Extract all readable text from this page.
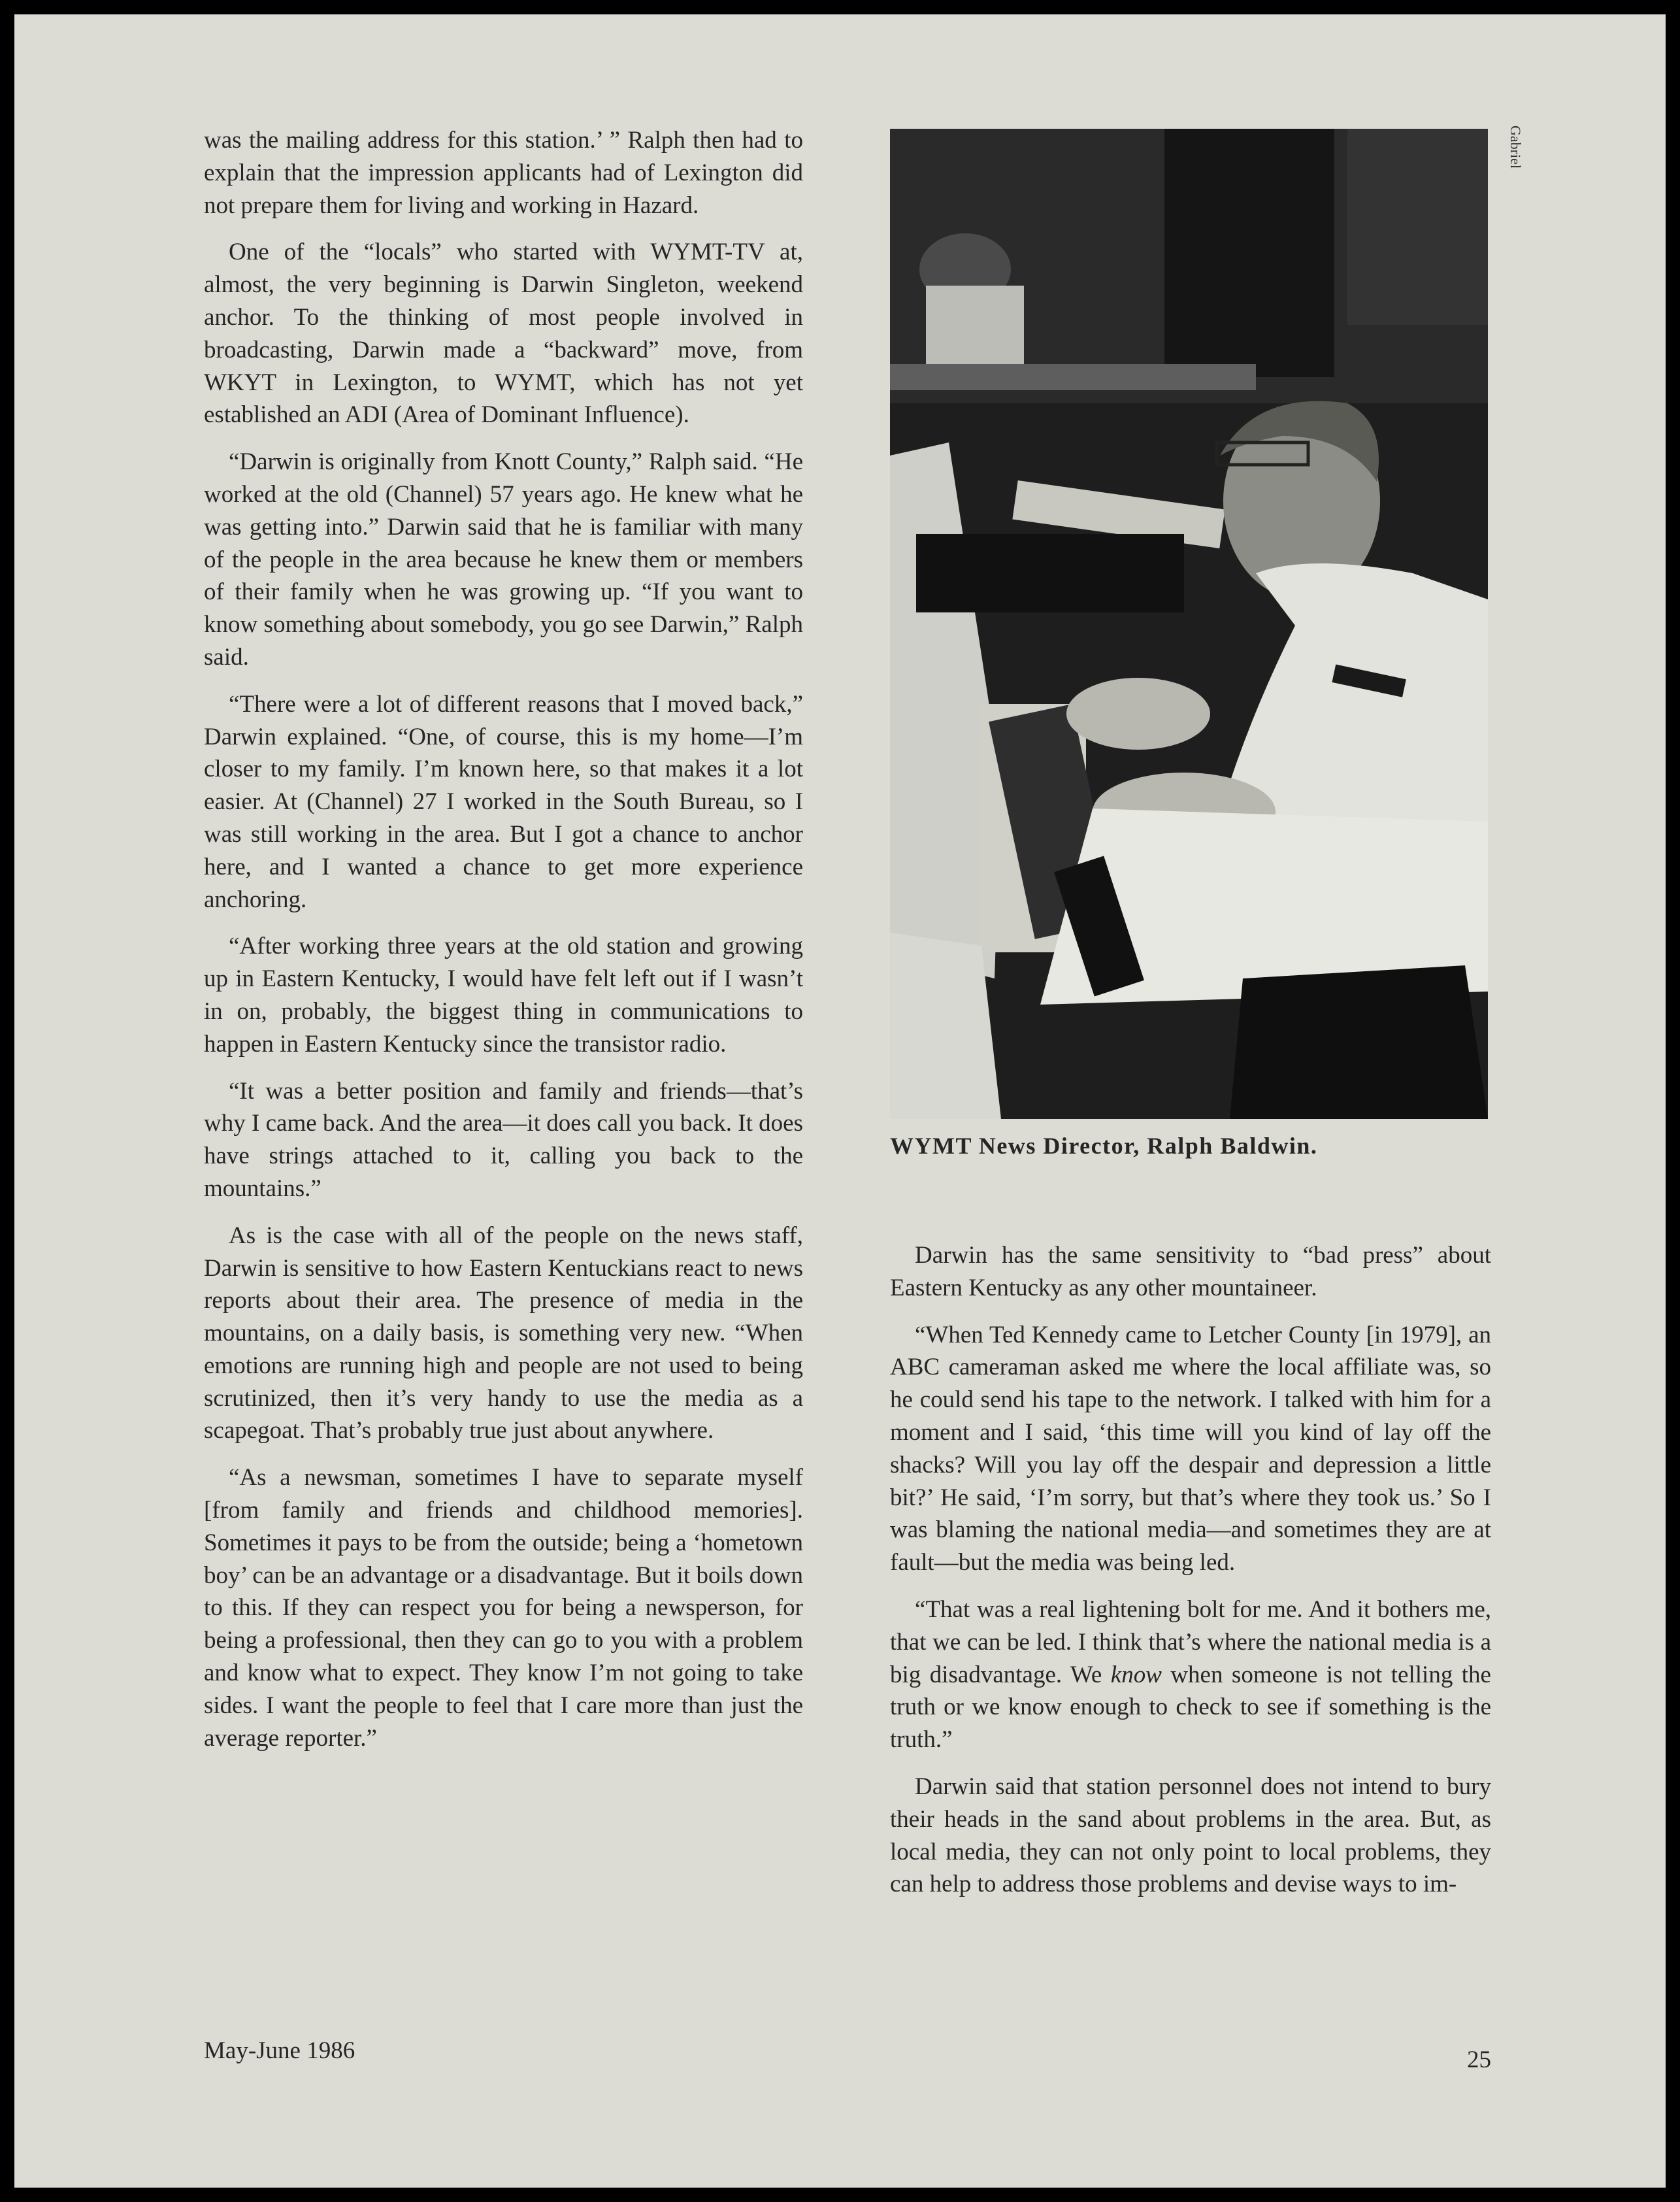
was the mailing address for this station.’ ” Ralph then had to explain that the impression applicants had of Lexington did not prepare them for living and working in Hazard.

One of the “locals” who started with WYMT-TV at, almost, the very beginning is Darwin Singleton, weekend anchor. To the thinking of most people involved in broadcasting, Darwin made a “backward” move, from WKYT in Lexington, to WYMT, which has not yet established an ADI (Area of Dominant Influence).

“Darwin is originally from Knott County,” Ralph said. “He worked at the old (Channel) 57 years ago. He knew what he was getting into.” Darwin said that he is familiar with many of the people in the area because he knew them or members of their family when he was growing up. “If you want to know something about somebody, you go see Darwin,” Ralph said.

“There were a lot of different reasons that I moved back,” Darwin explained. “One, of course, this is my home—I’m closer to my family. I’m known here, so that makes it a lot easier. At (Channel) 27 I worked in the South Bureau, so I was still working in the area. But I got a chance to anchor here, and I wanted a chance to get more experience anchoring.

“After working three years at the old station and growing up in Eastern Kentucky, I would have felt left out if I wasn’t in on, probably, the biggest thing in communications to happen in Eastern Kentucky since the transistor radio.

“It was a better position and family and friends—that’s why I came back. And the area—it does call you back. It does have strings attached to it, calling you back to the mountains.”

As is the case with all of the people on the news staff, Darwin is sensitive to how Eastern Kentuckians react to news reports about their area. The presence of media in the mountains, on a daily basis, is something very new. “When emotions are running high and people are not used to being scrutinized, then it’s very handy to use the media as a scapegoat. That’s probably true just about anywhere.

“As a newsman, sometimes I have to separate myself [from family and friends and childhood memories]. Sometimes it pays to be from the outside; being a ‘hometown boy’ can be an advantage or a disadvantage. But it boils down to this. If they can respect you for being a newsperson, for being a professional, then they can go to you with a problem and know what to expect. They know I’m not going to take sides. I want the people to feel that I care more than just the average reporter.”

Gabriel
WYMT News Director, Ralph Baldwin.

Darwin has the same sensitivity to “bad press” about Eastern Kentucky as any other mountaineer.

“When Ted Kennedy came to Letcher County [in 1979], an ABC cameraman asked me where the local affiliate was, so he could send his tape to the network. I talked with him for a moment and I said, ‘this time will you kind of lay off the shacks? Will you lay off the despair and depression a little bit?’ He said, ‘I’m sorry, but that’s where they took us.’ So I was blaming the national media—and sometimes they are at fault—but the media was being led.

“That was a real lightening bolt for me. And it bothers me, that we can be led. I think that’s where the national media is a big disadvantage. We know when someone is not telling the truth or we know enough to check to see if something is the truth.”

Darwin said that station personnel does not intend to bury their heads in the sand about problems in the area. But, as local media, they can not only point to local problems, they can help to address those problems and devise ways to im-

May-June 1986	25
